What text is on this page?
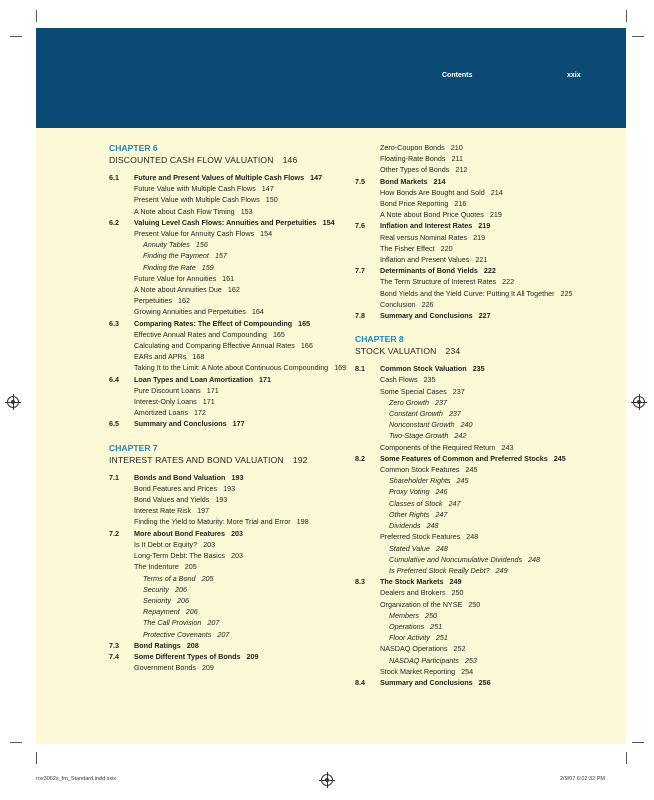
Contents	xxix
CHAPTER 6
DISCOUNTED CASH FLOW VALUATION 146
6.1	Future and Present Values of Multiple Cash Flows 147
Future Value with Multiple Cash Flows 147
Present Value with Multiple Cash Flows 150
A Note about Cash Flow Timing 153
6.2	Valuing Level Cash Flows: Annuities and Perpetuities 154
Present Value for Annuity Cash Flows 154
Annuity Tables 156
Finding the Payment 157
Finding the Rate 159
Future Value for Annuities 161
A Note about Annuities Due 162
Perpetuities 162
Growing Annuities and Perpetuities 164
6.3	Comparing Rates: The Effect of Compounding 165
Effective Annual Rates and Compounding 165
Calculating and Comparing Effective Annual Rates 166
EARs and APRs 168
Taking It to the Limit: A Note about Continuous Compounding 169
6.4	Loan Types and Loan Amortization 171
Pure Discount Loans 171
Interest-Only Loans 171
Amortized Loans 172
6.5	Summary and Conclusions 177
CHAPTER 7
INTEREST RATES AND BOND VALUATION 192
7.1	Bonds and Bond Valuation 193
Bond Features and Prices 193
Bond Values and Yields 193
Interest Rate Risk 197
Finding the Yield to Maturity: More Trial and Error 198
7.2	More about Bond Features 203
Is It Debt or Equity? 203
Long-Term Debt: The Basics 203
The Indenture 205
Terms of a Bond 205
Security 206
Seniority 206
Repayment 206
The Call Provision 207
Protective Covenants 207
7.3	Bond Ratings 208
7.4	Some Different Types of Bonds 209
Government Bonds 209
Zero-Coupon Bonds 210
Floating-Rate Bonds 211
Other Types of Bonds 212
7.5	Bond Markets 214
How Bonds Are Bought and Sold 214
Bond Price Reporting 216
A Note about Bond Price Quotes 219
7.6	Inflation and Interest Rates 219
Real versus Nominal Rates 219
The Fisher Effect 220
Inflation and Present Values 221
7.7	Determinants of Bond Yields 222
The Term Structure of Interest Rates 222
Bond Yields and the Yield Curve: Putting It All Together 225
Conclusion 226
7.8	Summary and Conclusions 227
CHAPTER 8
STOCK VALUATION 234
8.1	Common Stock Valuation 235
Cash Flows 235
Some Special Cases 237
Zero Growth 237
Constant Growth 237
Nonconstant Growth 240
Two-Stage Growth 242
Components of the Required Return 243
8.2	Some Features of Common and Preferred Stocks 245
Common Stock Features 245
Shareholder Rights 245
Proxy Voting 246
Classes of Stock 247
Other Rights 247
Dividends 248
Preferred Stock Features 248
Stated Value 248
Cumulative and Noncumulative Dividends 248
Is Preferred Stock Really Debt? 249
8.3	The Stock Markets 249
Dealers and Brokers 250
Organization of the NYSE 250
Members 250
Operations 251
Floor Activity 251
NASDAQ Operations 252
NASDAQ Participants 253
Stock Market Reporting 254
8.4	Summary and Conclusions 256
ros3062x_fm_Standard.indd xxix	2/9/07 6:02:32 PM
